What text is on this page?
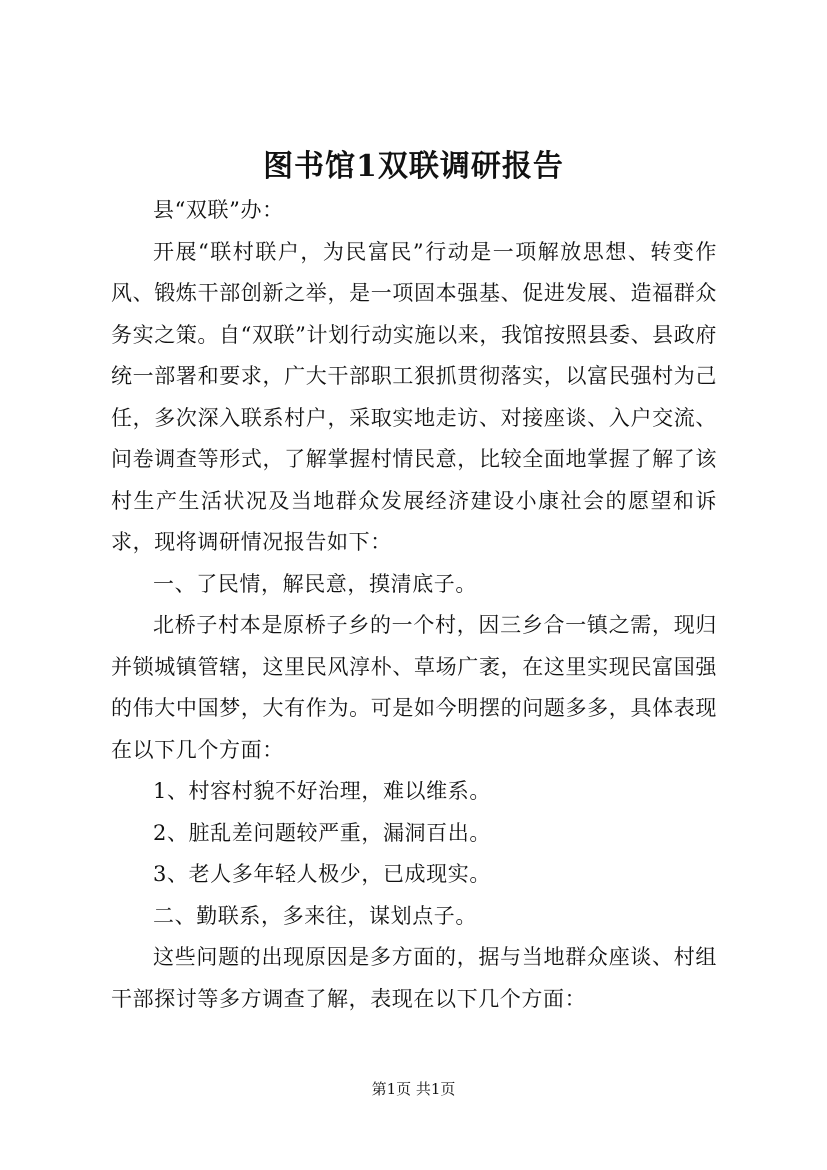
图书馆1双联调研报告

县“双联”办：

开展“联村联户，为民富民”行动是一项解放思想、转变作风、锻炼干部创新之举，是一项固本强基、促进发展、造福群众务实之策。自“双联”计划行动实施以来，我馆按照县委、县政府统一部署和要求，广大干部职工狠抓贯彻落实，以富民强村为己任，多次深入联系村户，采取实地走访、对接座谈、入户交流、问卷调查等形式，了解掌握村情民意，比较全面地掌握了解了该村生产生活状况及当地群众发展经济建设小康社会的愿望和诉求，现将调研情况报告如下：

一、了民情，解民意，摸清底子。

北桥子村本是原桥子乡的一个村，因三乡合一镇之需，现归并锁城镇管辖，这里民风淳朴、草场广袤，在这里实现民富国强的伟大中国梦，大有作为。可是如今明摆的问题多多，具体表现在以下几个方面：

1、村容村貌不好治理，难以维系。

2、脏乱差问题较严重，漏洞百出。

3、老人多年轻人极少，已成现实。

二、勤联系，多来往，谋划点子。

这些问题的出现原因是多方面的，据与当地群众座谈、村组干部探讨等多方调查了解，表现在以下几个方面：

第1页 共1页
